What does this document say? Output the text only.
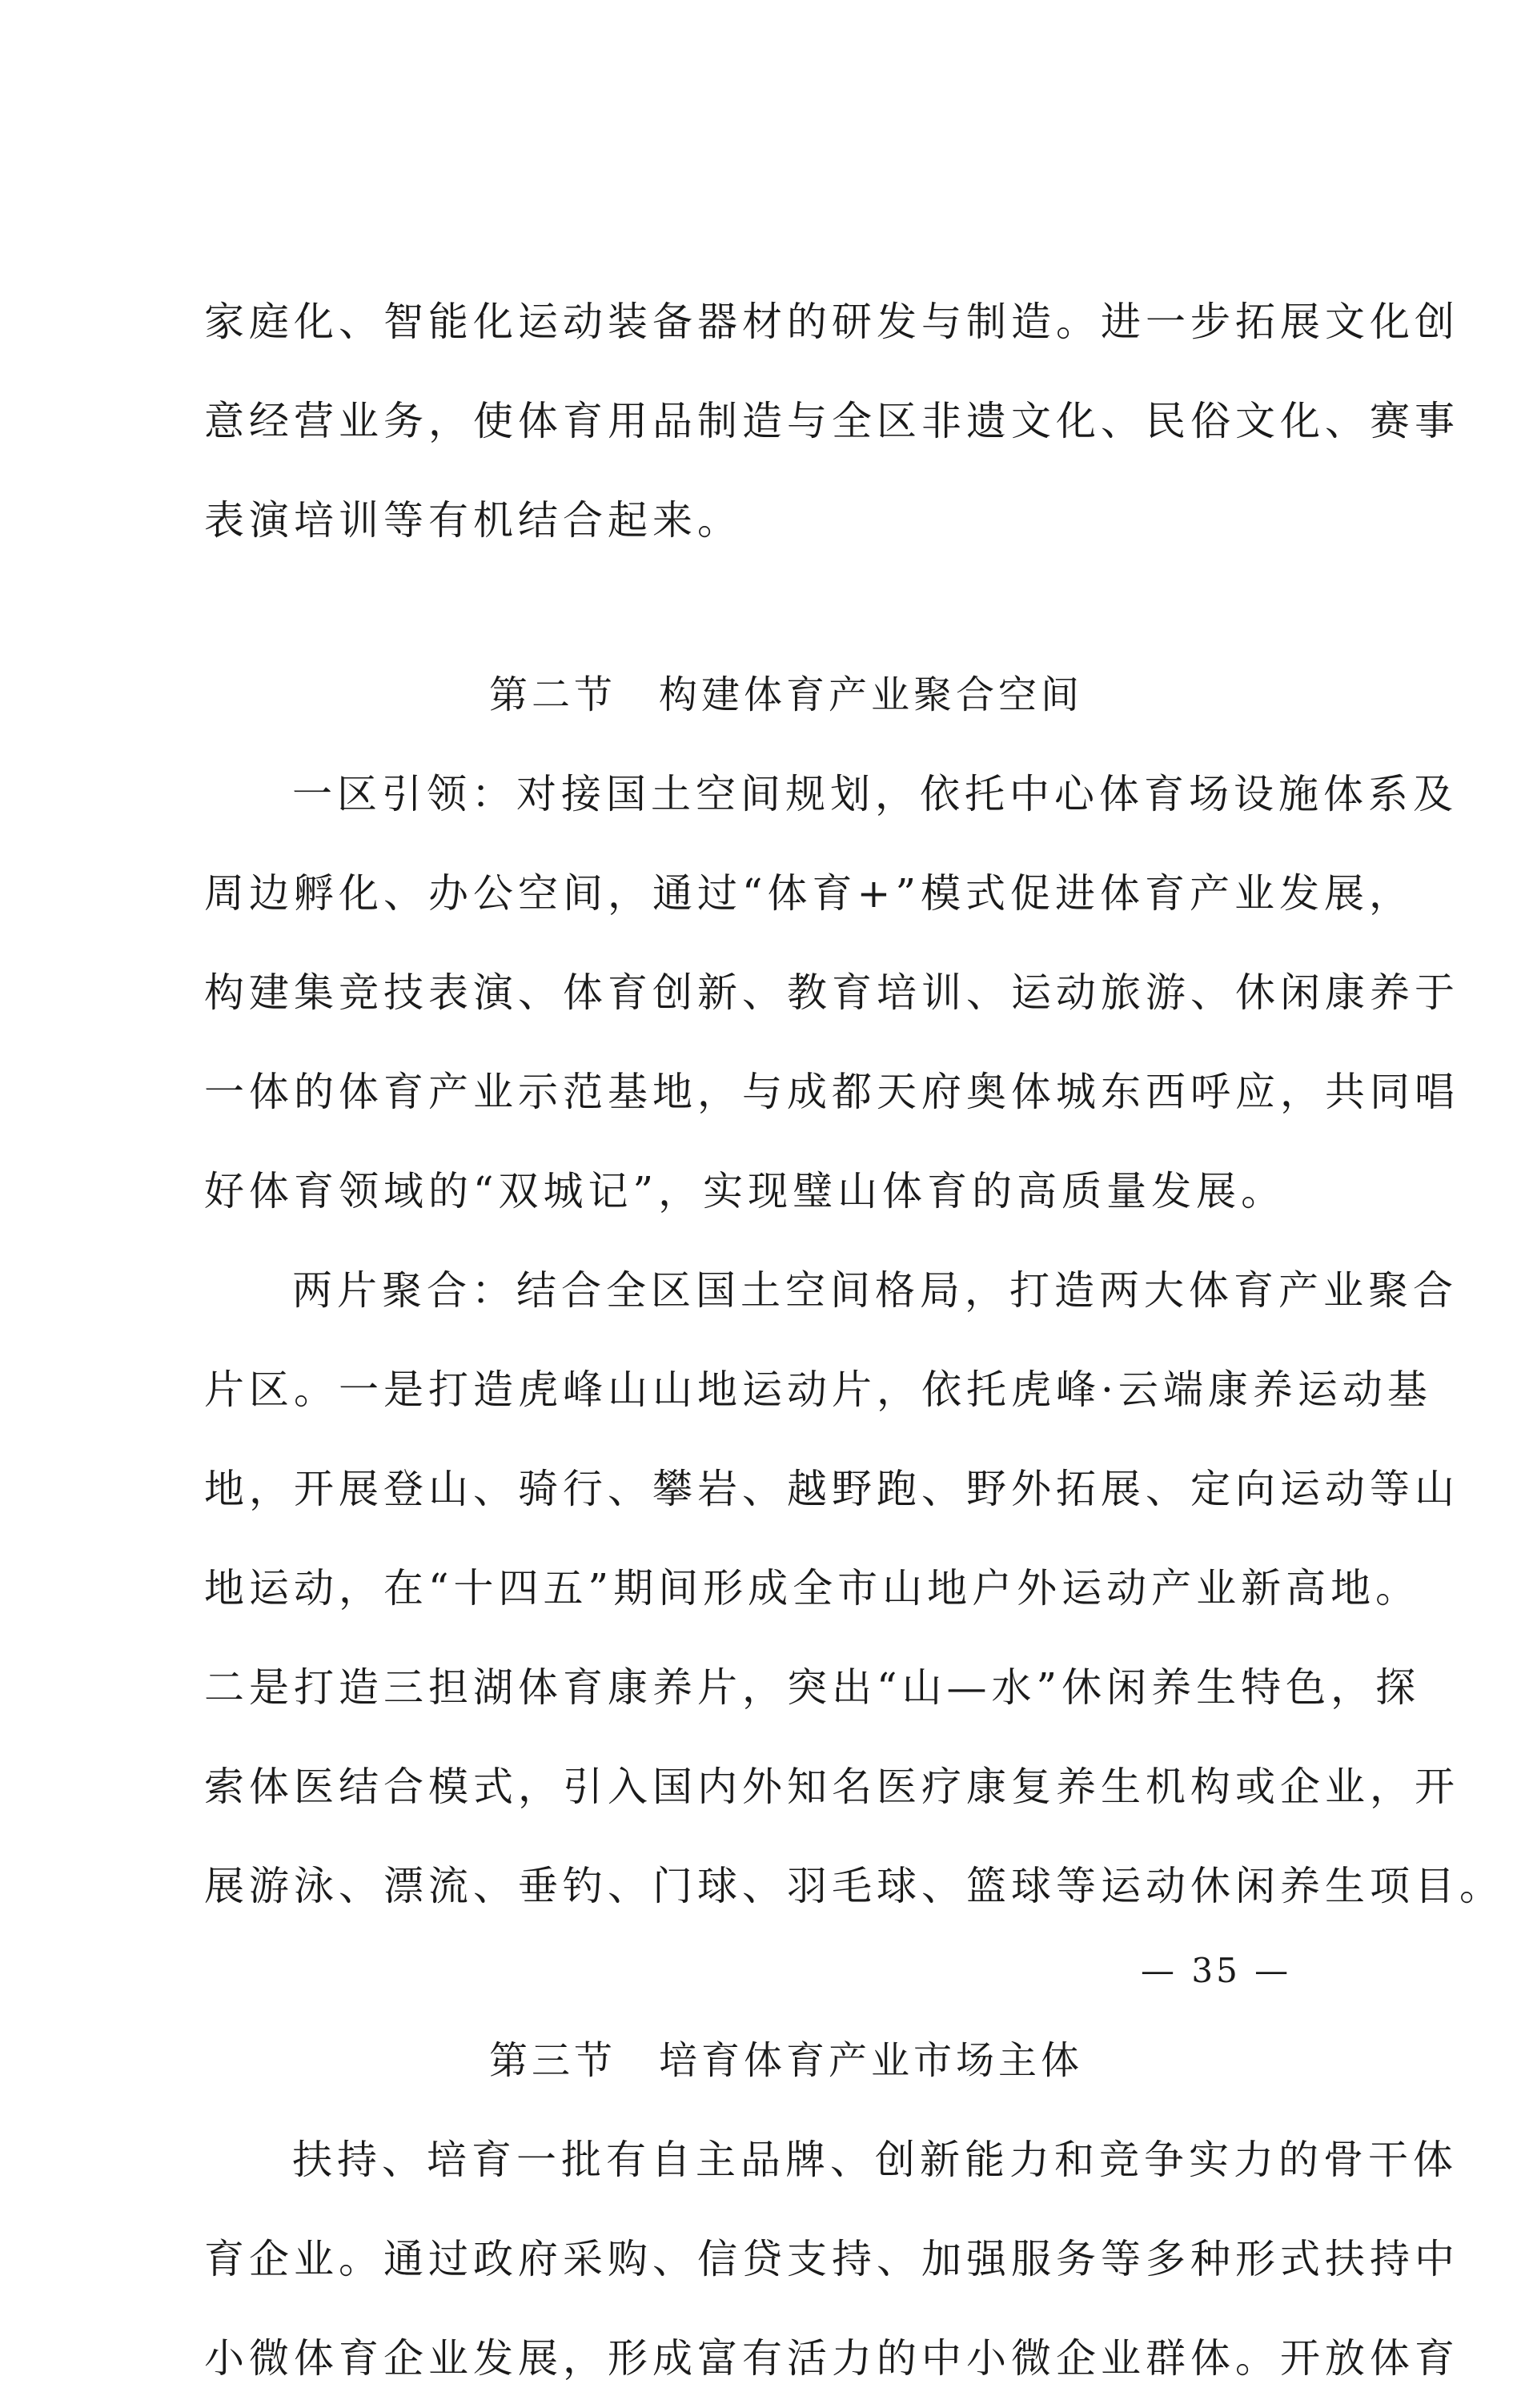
家庭化、智能化运动装备器材的研发与制造。进一步拓展文化创
意经营业务，使体育用品制造与全区非遗文化、民俗文化、赛事
表演培训等有机结合起来。
第二节　构建体育产业聚合空间
一区引领：对接国土空间规划，依托中心体育场设施体系及
周边孵化、办公空间，通过“体育+”模式促进体育产业发展，
构建集竞技表演、体育创新、教育培训、运动旅游、休闲康养于
一体的体育产业示范基地，与成都天府奥体城东西呼应，共同唱
好体育领域的“双城记”，实现璧山体育的高质量发展。
两片聚合：结合全区国土空间格局，打造两大体育产业聚合
片区。一是打造虎峰山山地运动片，依托虎峰·云端康养运动基
地，开展登山、骑行、攀岩、越野跑、野外拓展、定向运动等山
地运动，在“十四五”期间形成全市山地户外运动产业新高地。
二是打造三担湖体育康养片，突出“山—水”休闲养生特色，探
索体医结合模式，引入国内外知名医疗康复养生机构或企业，开
展游泳、漂流、垂钓、门球、羽毛球、篮球等运动休闲养生项目。
第三节　培育体育产业市场主体
扶持、培育一批有自主品牌、创新能力和竞争实力的骨干体
育企业。通过政府采购、信贷支持、加强服务等多种形式扶持中
小微体育企业发展，形成富有活力的中小微企业群体。开放体育
— 35 —
